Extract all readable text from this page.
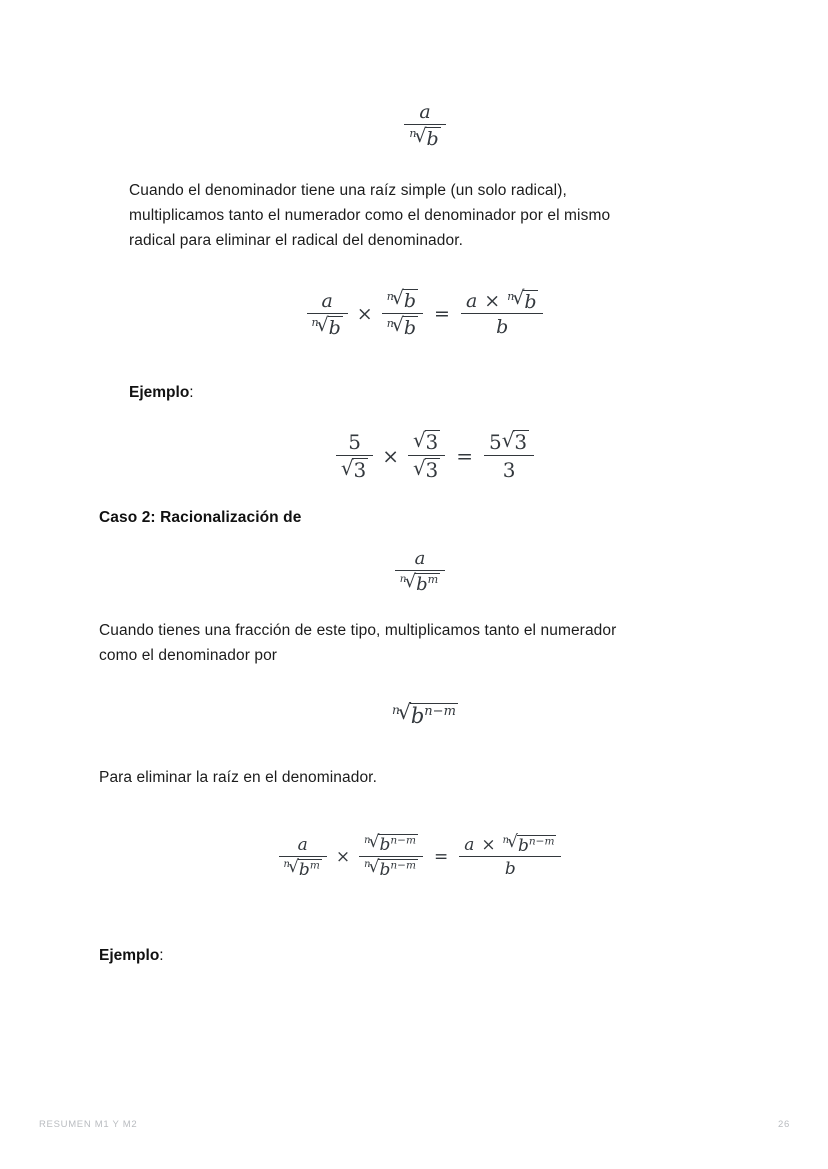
a
n
√ b
Cuando el denominador tiene una raíz simple (un solo radical),
multiplicamos tanto el numerador como el denominador por el mismo
radical para eliminar el radical del denominador.
a
n
√ b × n
√ b
n
√ b =
a × n
√ b
b
Ejemplo:
$\frac{5}{√ 3} \times \frac{√ 3}{√ 3} = \frac{5 √ 3}{3}$
Caso 2: Racionalización de
a
n
√ $b^m$
Cuando tienes una fracción de este tipo, multiplicamos tanto el numerador
como el denominador por
n
√ $b^{n-m}$
Para eliminar la raíz en el denominador.
a
n
√ $b^m \times n$
√ $b^{n-m}$
n
√ $b^{n-m}$ =
a × n
√ $b^{n-m}$
b
Ejemplo:
RESUMEN M1 Y M2	26
